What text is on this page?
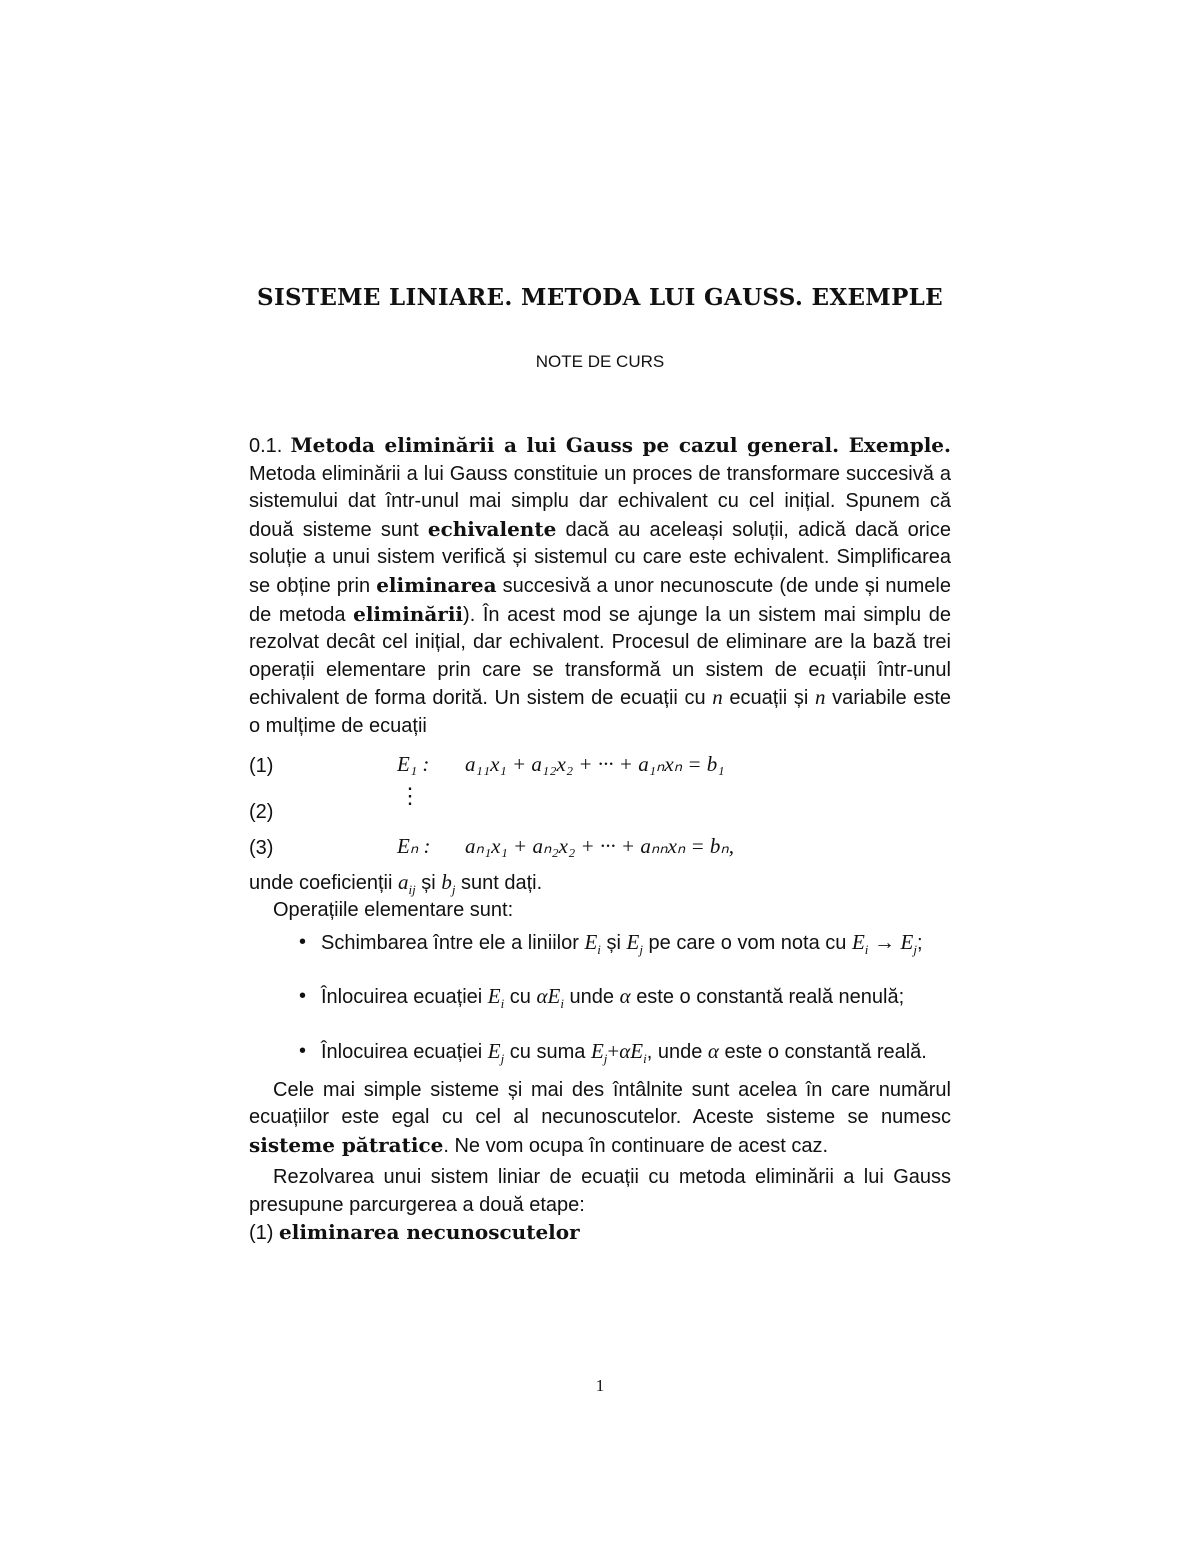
SISTEME LINIARE. METODA LUI GAUSS. EXEMPLE
NOTE DE CURS

0.1. Metoda eliminării a lui Gauss pe cazul general. Exemple. Metoda eliminării a lui Gauss constituie un proces de transformare succesivă a sistemului dat într-unul mai simplu dar echivalent cu cel inițial. Spunem că două sisteme sunt echivalente dacă au aceleași soluții, adică dacă orice soluție a unui sistem verifică și sistemul cu care este echivalent. Simplificarea se obține prin eliminarea succesivă a unor necunoscute (de unde și numele de metoda eliminării). În acest mod se ajunge la un sistem mai simplu de rezolvat decât cel inițial, dar echivalent. Procesul de eliminare are la bază trei operații elementare prin care se transformă un sistem de ecuații într-unul echivalent de forma dorită. Un sistem de ecuații cu n ecuații și n variabile este o mulțime de ecuații

(1)	E₁ : a₁₁x₁ + a₁₂x₂ + ··· + a₁ₙxₙ = b₁
(2)
⋮
(3)	Eₙ : aₙ₁x₁ + aₙ₂x₂ + ··· + aₙₙxₙ = bₙ,

unde coeficienții $a_{ij}$ și $b_j$ sunt dați.

Operațiile elementare sunt:

• Schimbarea între ele a liniilor $E_i$ și $E_j$ pe care o vom nota cu $E_i \to E_j$;
• Înlocuirea ecuației $E_i$ cu $\alpha E_i$ unde α este o constantă reală nenulă;
• Înlocuirea ecuației $E_j$ cu suma $E_j+\alpha E_i$, unde α este o constantă reală.

Cele mai simple sisteme și mai des întâlnite sunt acelea în care numărul ecuațiilor este egal cu cel al necunoscutelor. Aceste sisteme se numesc sisteme pătratice. Ne vom ocupa în continuare de acest caz.

Rezolvarea unui sistem liniar de ecuații cu metoda eliminării a lui Gauss presupune parcurgerea a două etape:

(1) eliminarea necunoscutelor

1
